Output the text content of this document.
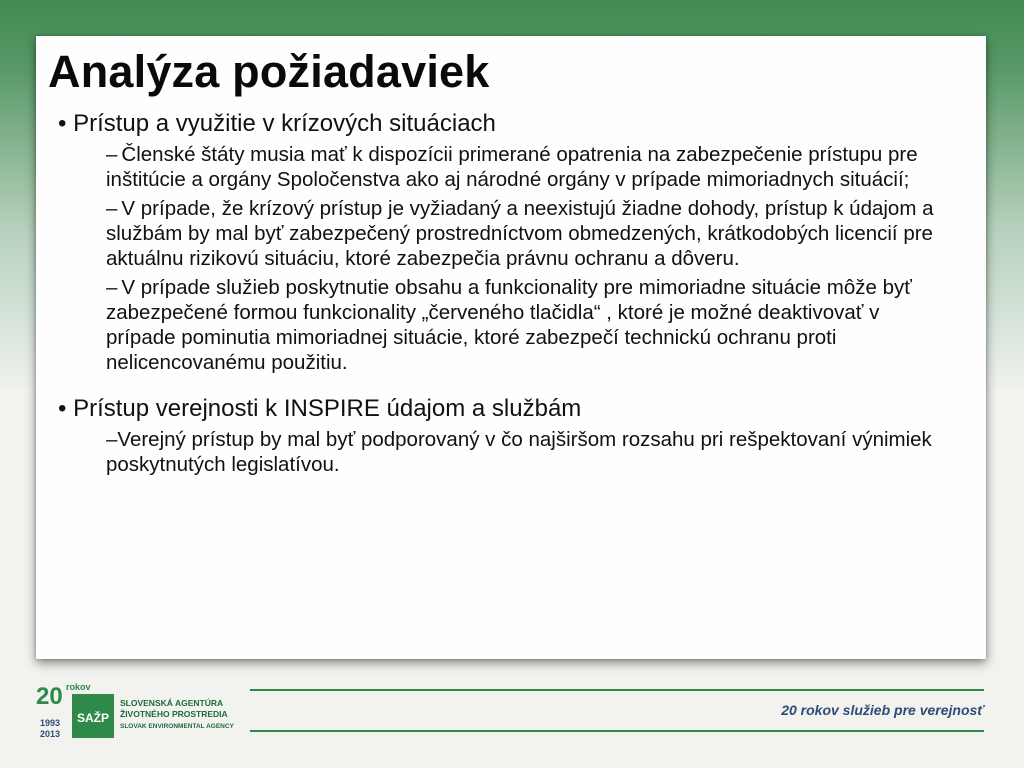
Analýza požiadaviek
• Prístup a využitie v krízových situáciach
– Členské štáty musia mať k dispozícii primerané opatrenia na zabezpečenie prístupu pre inštitúcie a orgány Spoločenstva ako aj národné orgány v prípade mimoriadnych situácií;
– V prípade, že krízový prístup je vyžiadaný a neexistujú žiadne dohody, prístup k údajom a službám by mal byť zabezpečený prostredníctvom obmedzených, krátkodobých licencií pre aktuálnu rizikovú situáciu, ktoré zabezpečia právnu ochranu a dôveru.
– V prípade služieb poskytnutie obsahu a funkcionality pre mimoriadne situácie môže byť zabezpečené formou funkcionality „červeného tlačidla“ , ktoré je možné deaktivovať v prípade pominutia mimoriadnej situácie, ktoré zabezpečí technickú ochranu proti nelicencovanému použitiu.
• Prístup verejnosti k INSPIRE údajom a službám
–Verejný prístup by mal byť podporovaný v čo najširšom rozsahu pri rešpektovaní výnimiek poskytnutých legislatívou.
20 rokov
1993
2013
SAŽP
SLOVENSKÁ AGENTÚRA
ŽIVOTNÉHO PROSTREDIA
SLOVAK ENVIRONMENTAL AGENCY
20 rokov služieb pre verejnosť
